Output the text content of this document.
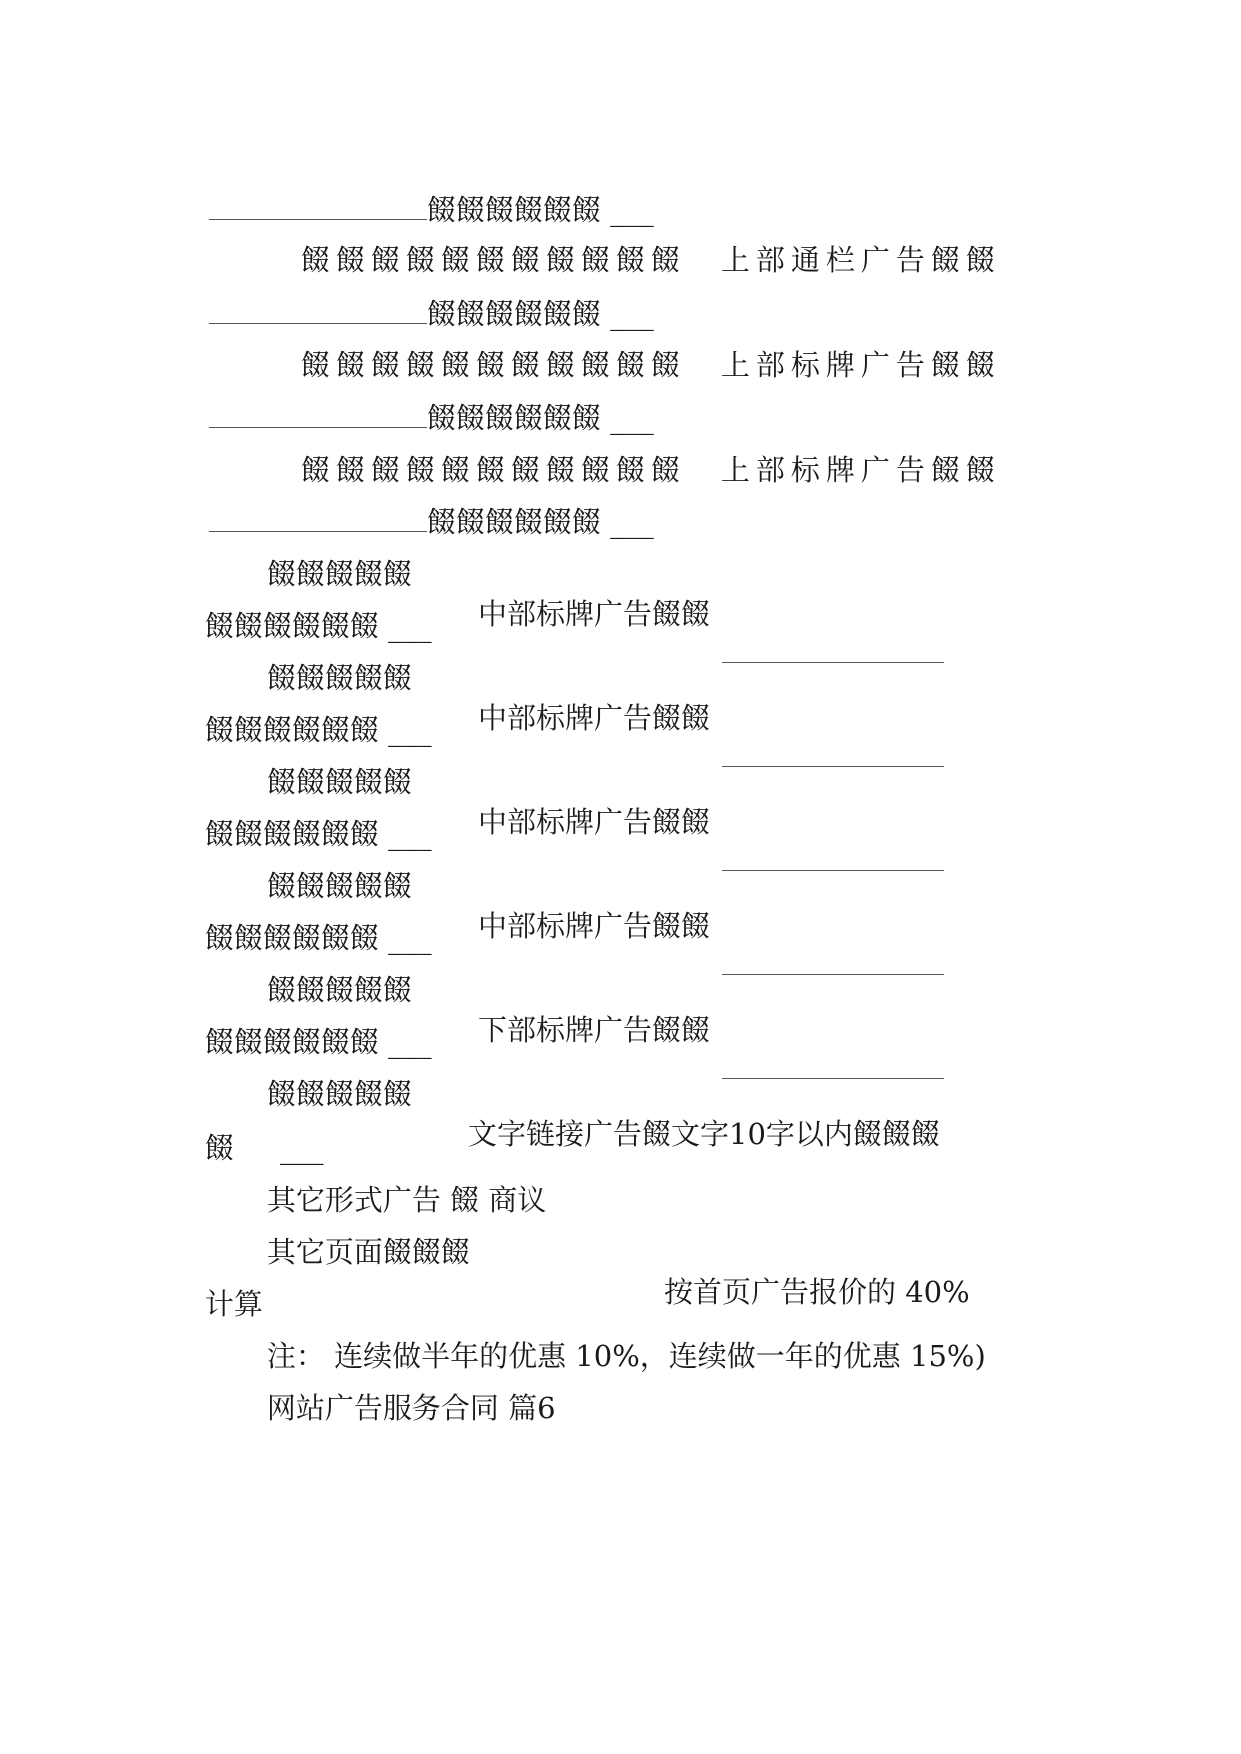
餟餟餟餟餟餟 ___

餟餟餟餟餟餟餟餟餟餟餟　上部通栏广告餟餟

餟餟餟餟餟餟 ___

餟餟餟餟餟餟餟餟餟餟餟　上部标牌广告餟餟

餟餟餟餟餟餟 ___

餟餟餟餟餟餟餟餟餟餟餟　上部标牌广告餟餟

餟餟餟餟餟餟 ___

餟餟餟餟餟

中部标牌广告餟餟

餟餟餟餟餟餟 ___

餟餟餟餟餟

中部标牌广告餟餟

餟餟餟餟餟餟 ___

餟餟餟餟餟

中部标牌广告餟餟

餟餟餟餟餟餟 ___

餟餟餟餟餟

中部标牌广告餟餟

餟餟餟餟餟餟 ___

餟餟餟餟餟

下部标牌广告餟餟

餟餟餟餟餟餟 ___

餟餟餟餟餟

文字链接广告餟文字10字以内餟餟餟

餟 ___

其它形式广告 餟 商议

其它页面餟餟餟

按首页广告报价的 40%

计算

注： 连续做半年的优惠 10%，连续做一年的优惠 15%)

网站广告服务合同 篇6
